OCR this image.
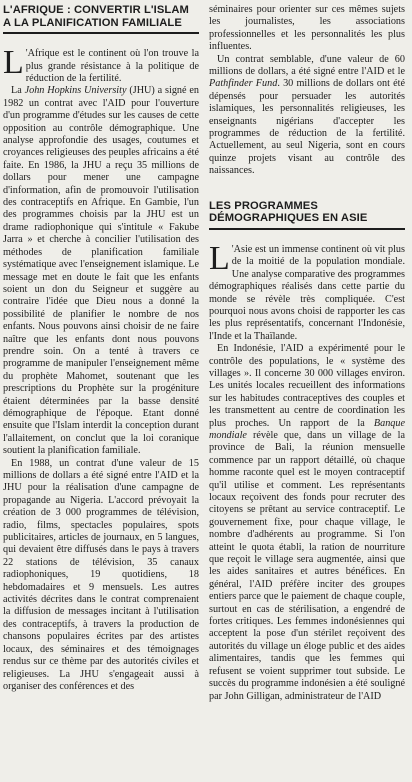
L'AFRIQUE : CONVERTIR L'ISLAM A LA PLANIFICATION FAMILIALE

L 'Afrique est le continent où l'on trouve la plus grande résistance à la politique de réduction de la fertilité.

La John Hopkins University (JHU) a signé en 1982 un contrat avec l'AID pour l'ouverture d'un programme d'études sur les causes de cette opposition au contrôle démographique. Une analyse approfondie des usages, coutumes et croyances religieuses des peuples africains a été faite. En 1986, la JHU a reçu 35 millions de dollars pour mener une campagne d'information, afin de promouvoir l'utilisation des contraceptifs en Afrique. En Gambie, l'un des programmes choisis par la JHU est un drame radiophonique qui s'intitule « Fakube Jarra » et cherche à concilier l'utilisation des méthodes de planification familiale systématique avec l'enseignement islamique. Le message met en doute le fait que les enfants soient un don du Seigneur et suggère au contraire l'idée que Dieu nous a donné la possibilité de planifier le nombre de nos enfants. Nous pouvons ainsi choisir de ne faire naître que les enfants dont nous pouvons prendre soin. On a tenté à travers ce programme de manipuler l'enseignement même du prophète Mahomet, soutenant que les prescriptions du Prophète sur la progéniture étaient déterminées par la basse densité démographique de l'époque. Etant donné ensuite que l'Islam interdit la conception durant l'allaitement, on conclut que la loi coranique soutient la planification familiale.

En 1988, un contrat d'une valeur de 15 millions de dollars a été signé entre l'AID et la JHU pour la réalisation d'une campagne de propagande au Nigeria. L'accord prévoyait la création de 3 000 programmes de télévision, radio, films, spectacles populaires, spots publicitaires, articles de journaux, en 5 langues, qui devaient être diffusés dans le pays à travers 22 stations de télévision, 35 canaux radiophoniques, 19 quotidiens, 18 hebdomadaires et 9 mensuels. Les autres activités décrites dans le contrat comprenaient la diffusion de messages incitant à l'utilisation des contraceptifs, à travers la production de chansons populaires écrites par des artistes locaux, des séminaires et des témoignages rendus sur ce thème par des autorités civiles et religieuses. La JHU s'engageait aussi à organiser des conférences et des

séminaires pour orienter sur ces mêmes sujets les journalistes, les associations professionnelles et les personnalités les plus influentes.

Un contrat semblable, d'une valeur de 60 millions de dollars, a été signé entre l'AID et le Pathfinder Fund. 30 millions de dollars ont été dépensés pour persuader les autorités islamiques, les personnalités religieuses, les enseignants nigérians d'accepter les programmes de réduction de la fertilité. Actuellement, au seul Nigeria, sont en cours quinze projets visant au contrôle des naissances.

LES PROGRAMMES DÉMOGRAPHIQUES EN ASIE

L 'Asie est un immense continent où vit plus de la moitié de la population mondiale. Une analyse comparative des programmes démographiques réalisés dans cette partie du monde se révèle très compliquée. C'est pourquoi nous avons choisi de rapporter les cas les plus représentatifs, concernant l'Indonésie, l'Inde et la Thaïlande.

En Indonésie, l'AID a expérimenté pour le contrôle des populations, le « système des villages ». Il concerne 30 000 villages environ. Les unités locales recueillent des informations sur les habitudes contraceptives des couples et les transmettent au centre de coordination les plus proches. Un rapport de la Banque mondiale révèle que, dans un village de la province de Bali, la réunion mensuelle commence par un rapport détaillé, où chaque homme raconte quel est le moyen contraceptif qu'il utilise et comment. Les représentants locaux reçoivent des fonds pour recruter des citoyens se prêtant au service contraceptif. Le gouvernement fixe, pour chaque village, le nombre d'adhérents au programme. Si l'on atteint le quota établi, la ration de nourriture que reçoit le village sera augmentée, ainsi que les aides sanitaires et autres bénéfices. En général, l'AID préfère inciter des groupes entiers parce que le paiement de chaque couple, surtout en cas de stérilisation, a engendré de fortes critiques. Les femmes indonésiennes qui acceptent la pose d'un stérilet reçoivent des autorités du village un éloge public et des aides alimentaires, tandis que les femmes qui refusent se voient supprimer tout subside. Le succès du programme indonésien a été souligné par John Gilligan, administrateur de l'AID
